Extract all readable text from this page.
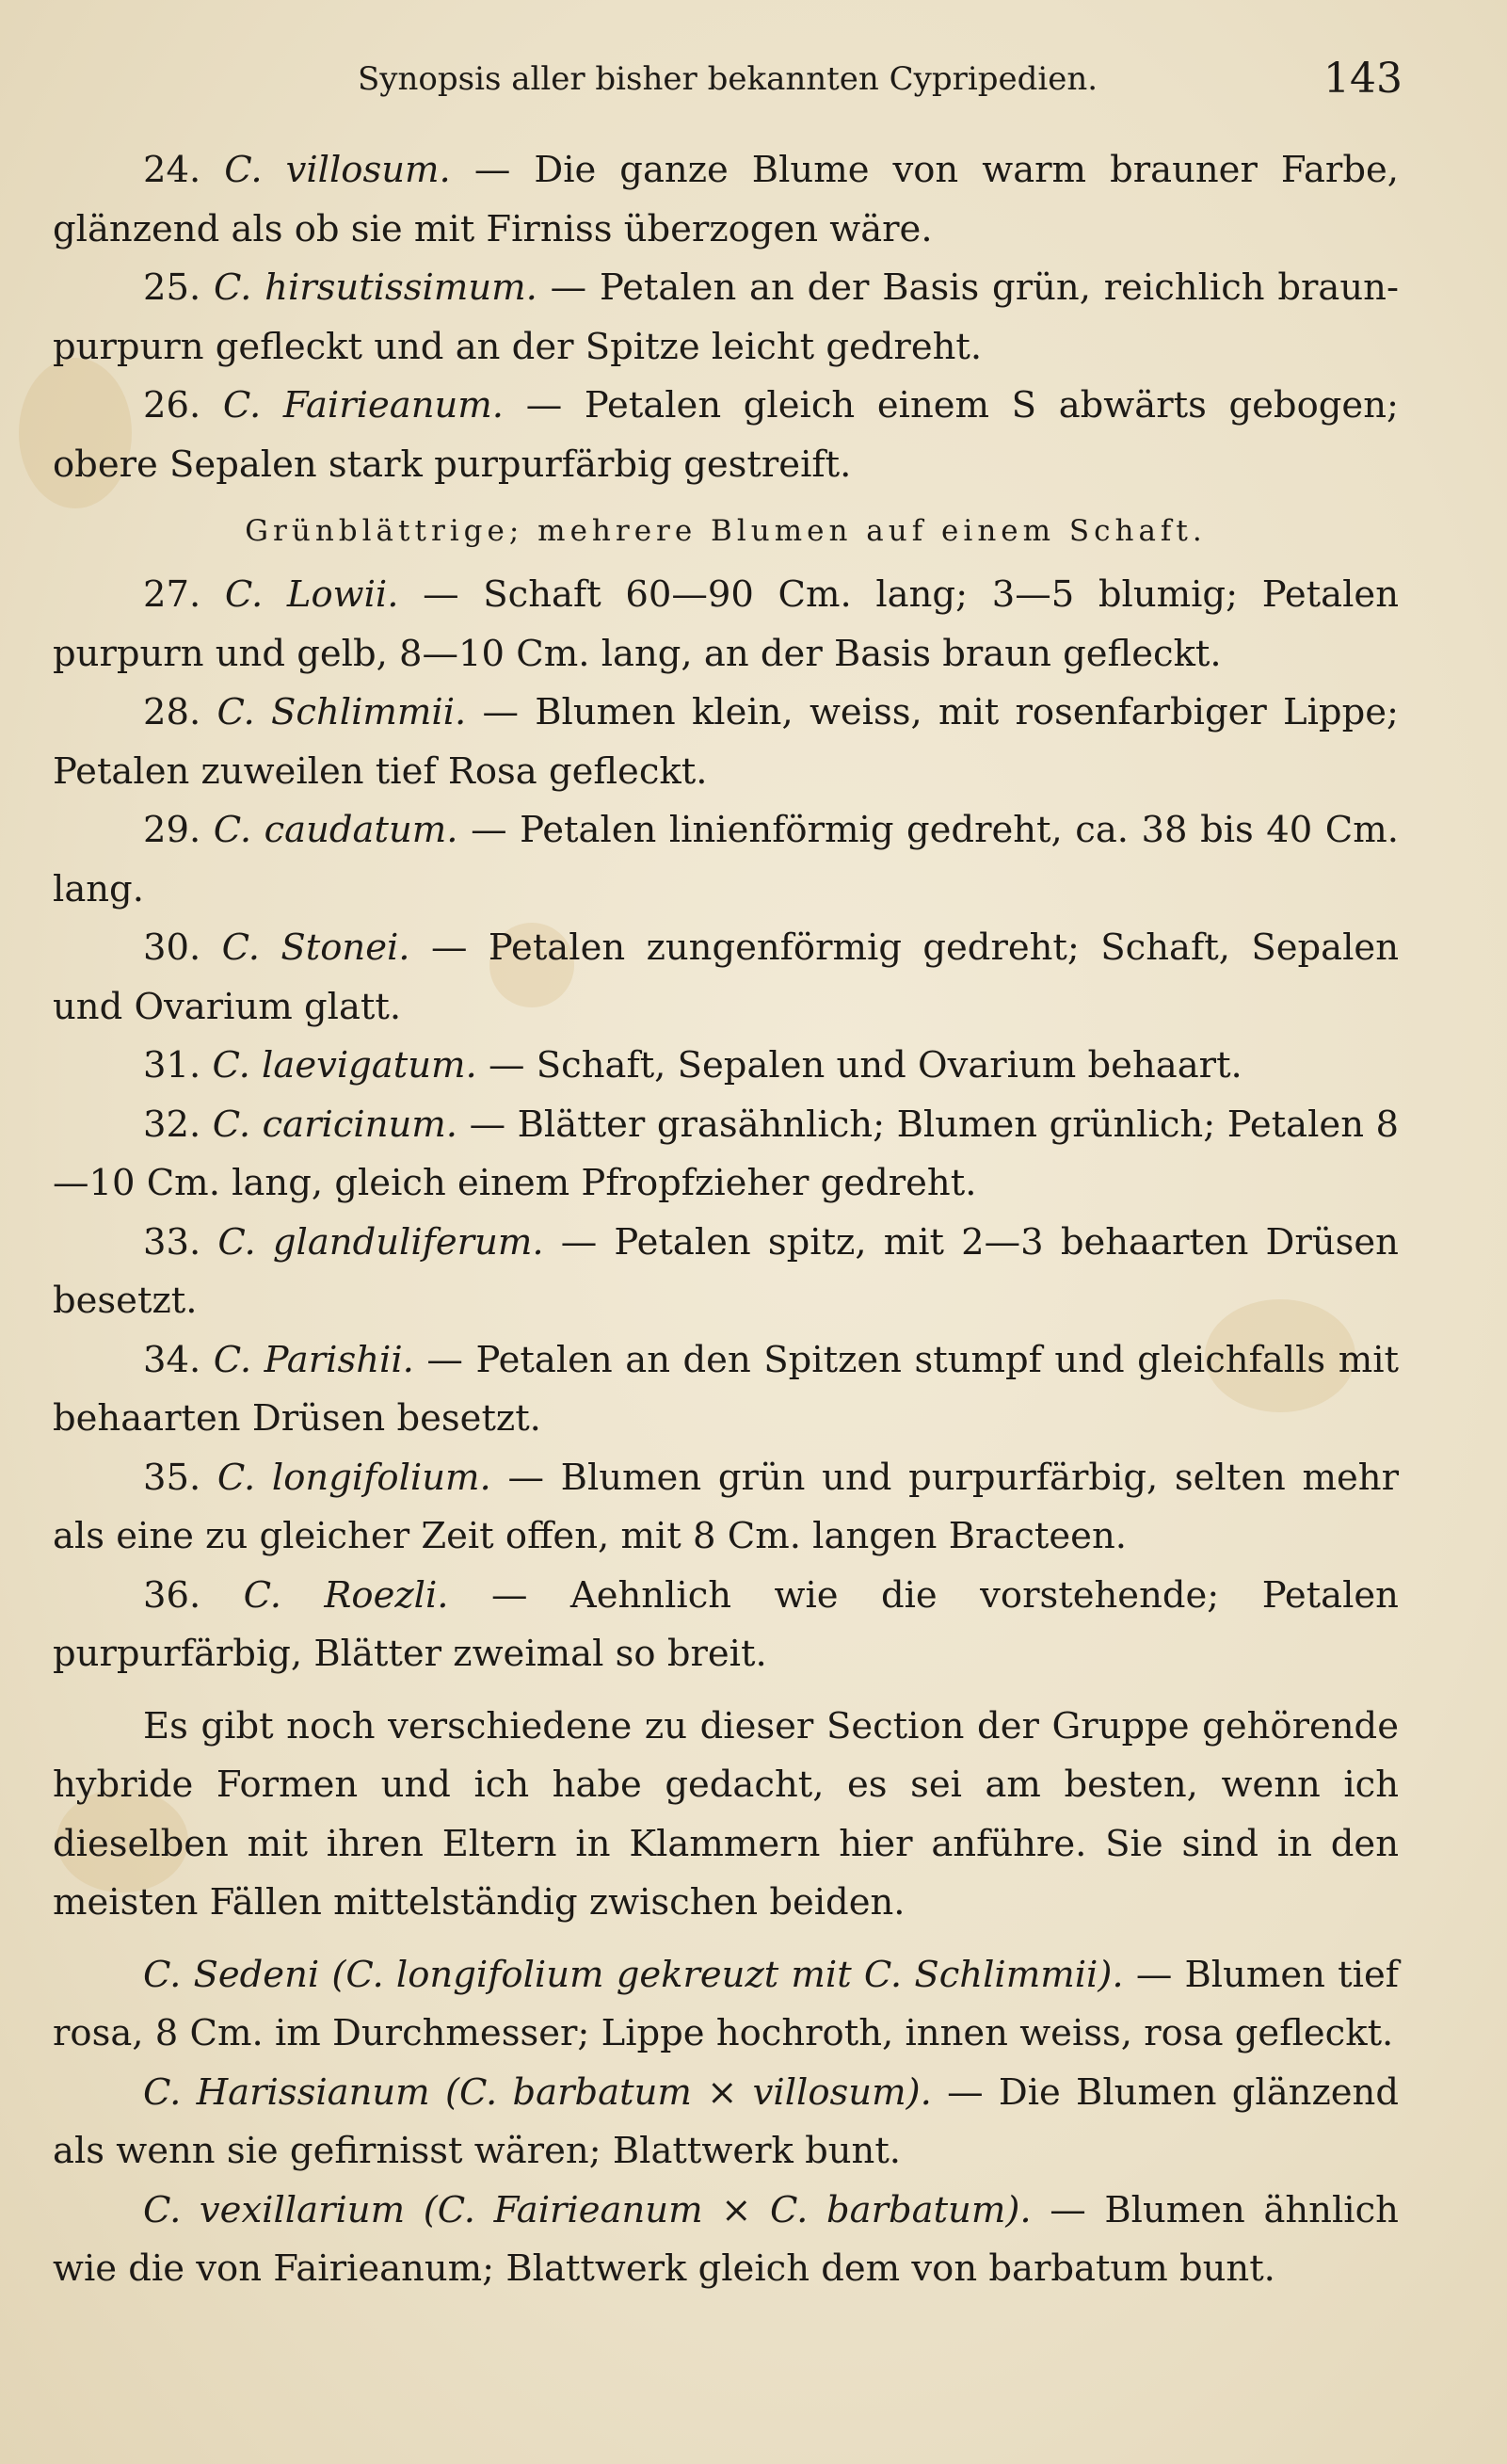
Synopsis aller bisher bekannten Cypripedien.	143

24. C. villosum. — Die ganze Blume von warm brauner Farbe, glänzend als ob sie mit Firniss überzogen wäre.

25. C. hirsutissimum. — Petalen an der Basis grün, reichlich braun-purpurn gefleckt und an der Spitze leicht gedreht.

26. C. Fairieanum. — Petalen gleich einem S abwärts gebogen; obere Sepalen stark purpurfärbig gestreift.

Grünblättrige; mehrere Blumen auf einem Schaft.

27. C. Lowii. — Schaft 60—90 Cm. lang; 3—5 blumig; Petalen purpurn und gelb, 8—10 Cm. lang, an der Basis braun gefleckt.

28. C. Schlimmii. — Blumen klein, weiss, mit rosenfarbiger Lippe; Petalen zuweilen tief Rosa gefleckt.

29. C. caudatum. — Petalen linienförmig gedreht, ca. 38 bis 40 Cm. lang.

30. C. Stonei. — Petalen zungenförmig gedreht; Schaft, Sepalen und Ovarium glatt.

31. C. laevigatum. — Schaft, Sepalen und Ovarium behaart.

32. C. caricinum. — Blätter grasähnlich; Blumen grünlich; Petalen 8—10 Cm. lang, gleich einem Pfropfzieher gedreht.

33. C. glanduliferum. — Petalen spitz, mit 2—3 behaarten Drüsen besetzt.

34. C. Parishii. — Petalen an den Spitzen stumpf und gleichfalls mit behaarten Drüsen besetzt.

35. C. longifolium. — Blumen grün und purpurfärbig, selten mehr als eine zu gleicher Zeit offen, mit 8 Cm. langen Bracteen.

36. C. Roezli. — Aehnlich wie die vorstehende; Petalen purpurfärbig, Blätter zweimal so breit.

Es gibt noch verschiedene zu dieser Section der Gruppe gehörende hybride Formen und ich habe gedacht, es sei am besten, wenn ich dieselben mit ihren Eltern in Klammern hier anführe. Sie sind in den meisten Fällen mittelständig zwischen beiden.

C. Sedeni (C. longifolium gekreuzt mit C. Schlimmii). — Blumen tief rosa, 8 Cm. im Durchmesser; Lippe hochroth, innen weiss, rosa gefleckt.

C. Harissianum (C. barbatum × villosum). — Die Blumen glänzend als wenn sie gefirnisst wären; Blattwerk bunt.

C. vexillarium (C. Fairieanum × C. barbatum). — Blumen ähnlich wie die von Fairieanum; Blattwerk gleich dem von barbatum bunt.
